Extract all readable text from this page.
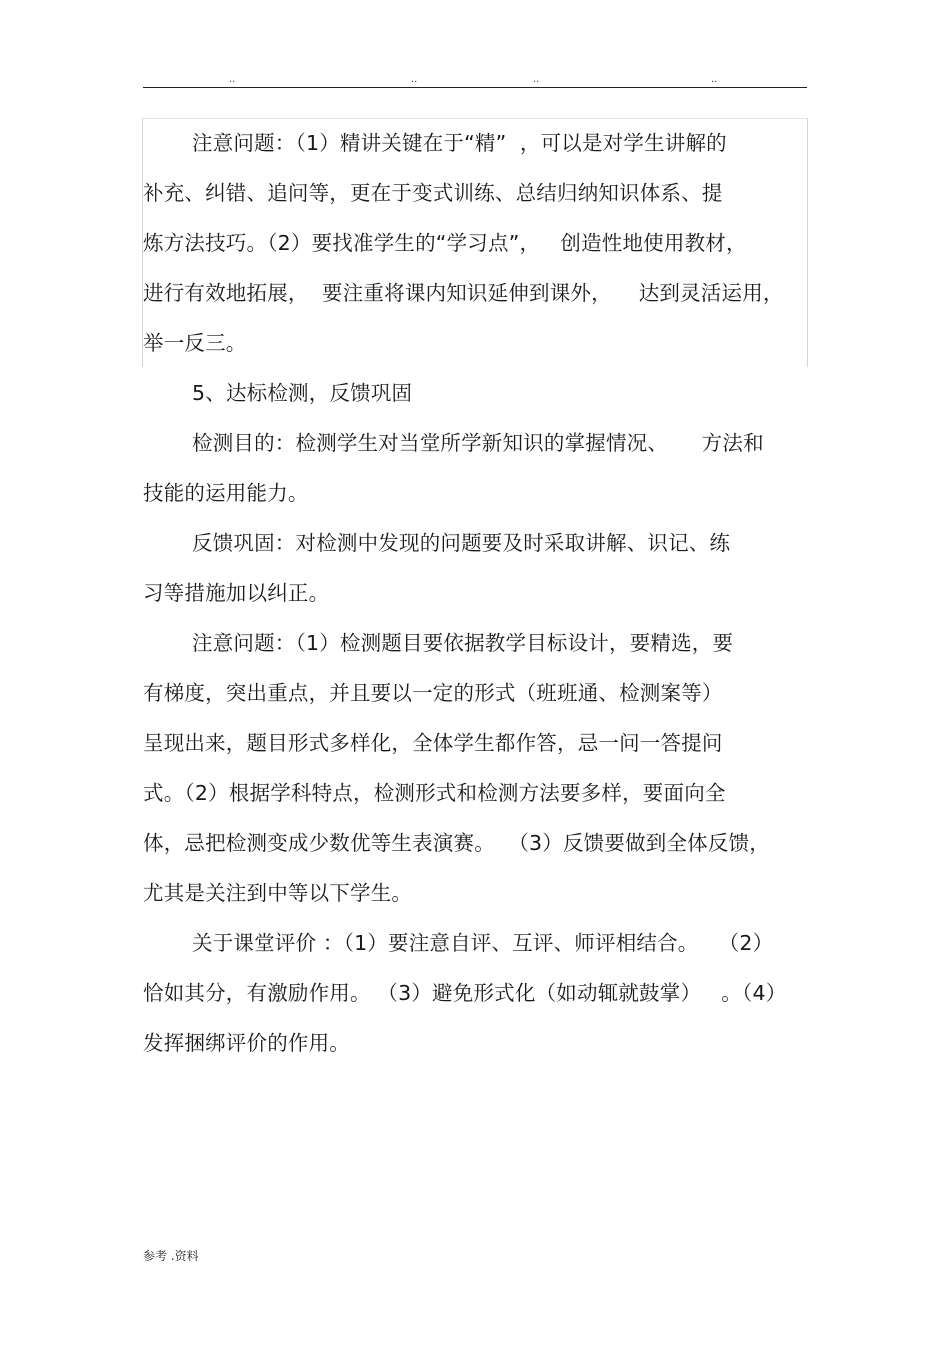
..	..	..	..
注意问题：（1）精讲关键在于“精”  ，可以是对学生讲解的
补充、纠错、追问等，更在于变式训练、总结归纳知识体系、提
炼方法技巧。（2）要找准学生的“学习点”，   创造性地使用教材，
进行有效地拓展，  要注重将课内知识延伸到课外，    达到灵活运用，
举一反三。
5、达标检测，反馈巩固
检测目的：检测学生对当堂所学新知识的掌握情况、     方法和
技能的运用能力。
反馈巩固：对检测中发现的问题要及时采取讲解、识记、练
习等措施加以纠正。
注意问题：（1）检测题目要依据教学目标设计，要精选，要
有梯度，突出重点，并且要以一定的形式（班班通、检测案等）
呈现出来，题目形式多样化，全体学生都作答，忌一问一答提问
式。（2）根据学科特点，检测形式和检测方法要多样，要面向全
体，忌把检测变成少数优等生表演赛。  （3）反馈要做到全体反馈，
尤其是关注到中等以下学生。
关于课堂评价 ：（1）要注意自评、互评、师评相结合。   （2）
恰如其分，有激励作用。 （3）避免形式化（如动辄就鼓掌）   。（4）
发挥捆绑评价的作用。
参考 .资料
